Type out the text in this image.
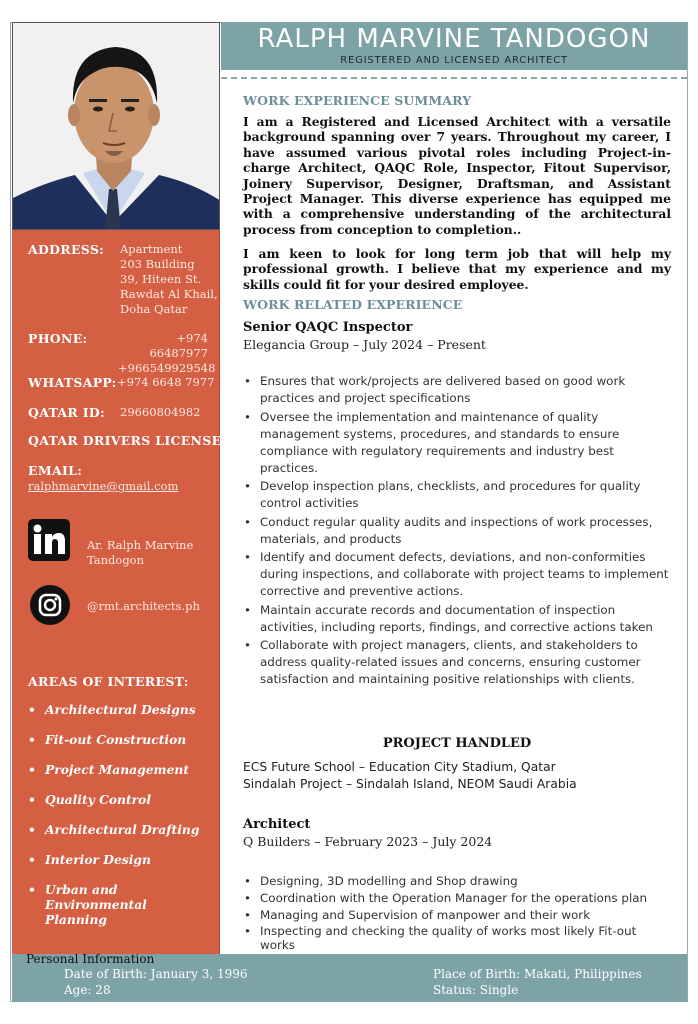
ADDRESS: Apartment
203 Building
39, Hiteen St.
Rawdat Al Khail,
Doha Qatar
PHONE:	+974 66487977
+966549929548
WHATSAPP: +974 6648 7977
QATAR ID: 29660804982
QATAR DRIVERS LICENSE
EMAIL:
ralphmarvine@gmail.com
Ar. Ralph Marvine
Tandogon
@rmt.architects.ph
AREAS OF INTEREST:
• Architectural Designs
• Fit-out Construction
• Project Management
• Quality Control
• Architectural Drafting
• Interior Design
• Urban and Environmental Planning
RALPH MARVINE TANDOGON
REGISTERED AND LICENSED ARCHITECT
WORK EXPERIENCE SUMMARY
I am a Registered and Licensed Architect with a versatile background spanning over 7 years. Throughout my career, I have assumed various pivotal roles including Project-in-charge Architect, QAQC Role, Inspector, Fitout Supervisor, Joinery Supervisor, Designer, Draftsman, and Assistant Project Manager. This diverse experience has equipped me with a comprehensive understanding of the architectural process from conception to completion..
I am keen to look for long term job that will help my professional growth. I believe that my experience and my skills could fit for your desired employee.
WORK RELATED EXPERIENCE
Senior QAQC Inspector
Elegancia Group – July 2024 – Present
• Ensures that work/projects are delivered based on good work practices and project specifications
• Oversee the implementation and maintenance of quality management systems, procedures, and standards to ensure compliance with regulatory requirements and industry best practices.
• Develop inspection plans, checklists, and procedures for quality control activities
• Conduct regular quality audits and inspections of work processes, materials, and products
• Identify and document defects, deviations, and non-conformities during inspections, and collaborate with project teams to implement corrective and preventive actions.
• Maintain accurate records and documentation of inspection activities, including reports, findings, and corrective actions taken
• Collaborate with project managers, clients, and stakeholders to address quality-related issues and concerns, ensuring customer satisfaction and maintaining positive relationships with clients.
PROJECT HANDLED
ECS Future School – Education City Stadium, Qatar
Sindalah Project – Sindalah Island, NEOM Saudi Arabia
Architect
Q Builders – February 2023 – July 2024
• Designing, 3D modelling and Shop drawing
• Coordination with the Operation Manager for the operations plan
• Managing and Supervision of manpower and their work
• Inspecting and checking the quality of works most likely Fit-out works
Personal Information
Date of Birth: January 3, 1996
Age: 28
Place of Birth: Makati, Philippines
Status: Single
